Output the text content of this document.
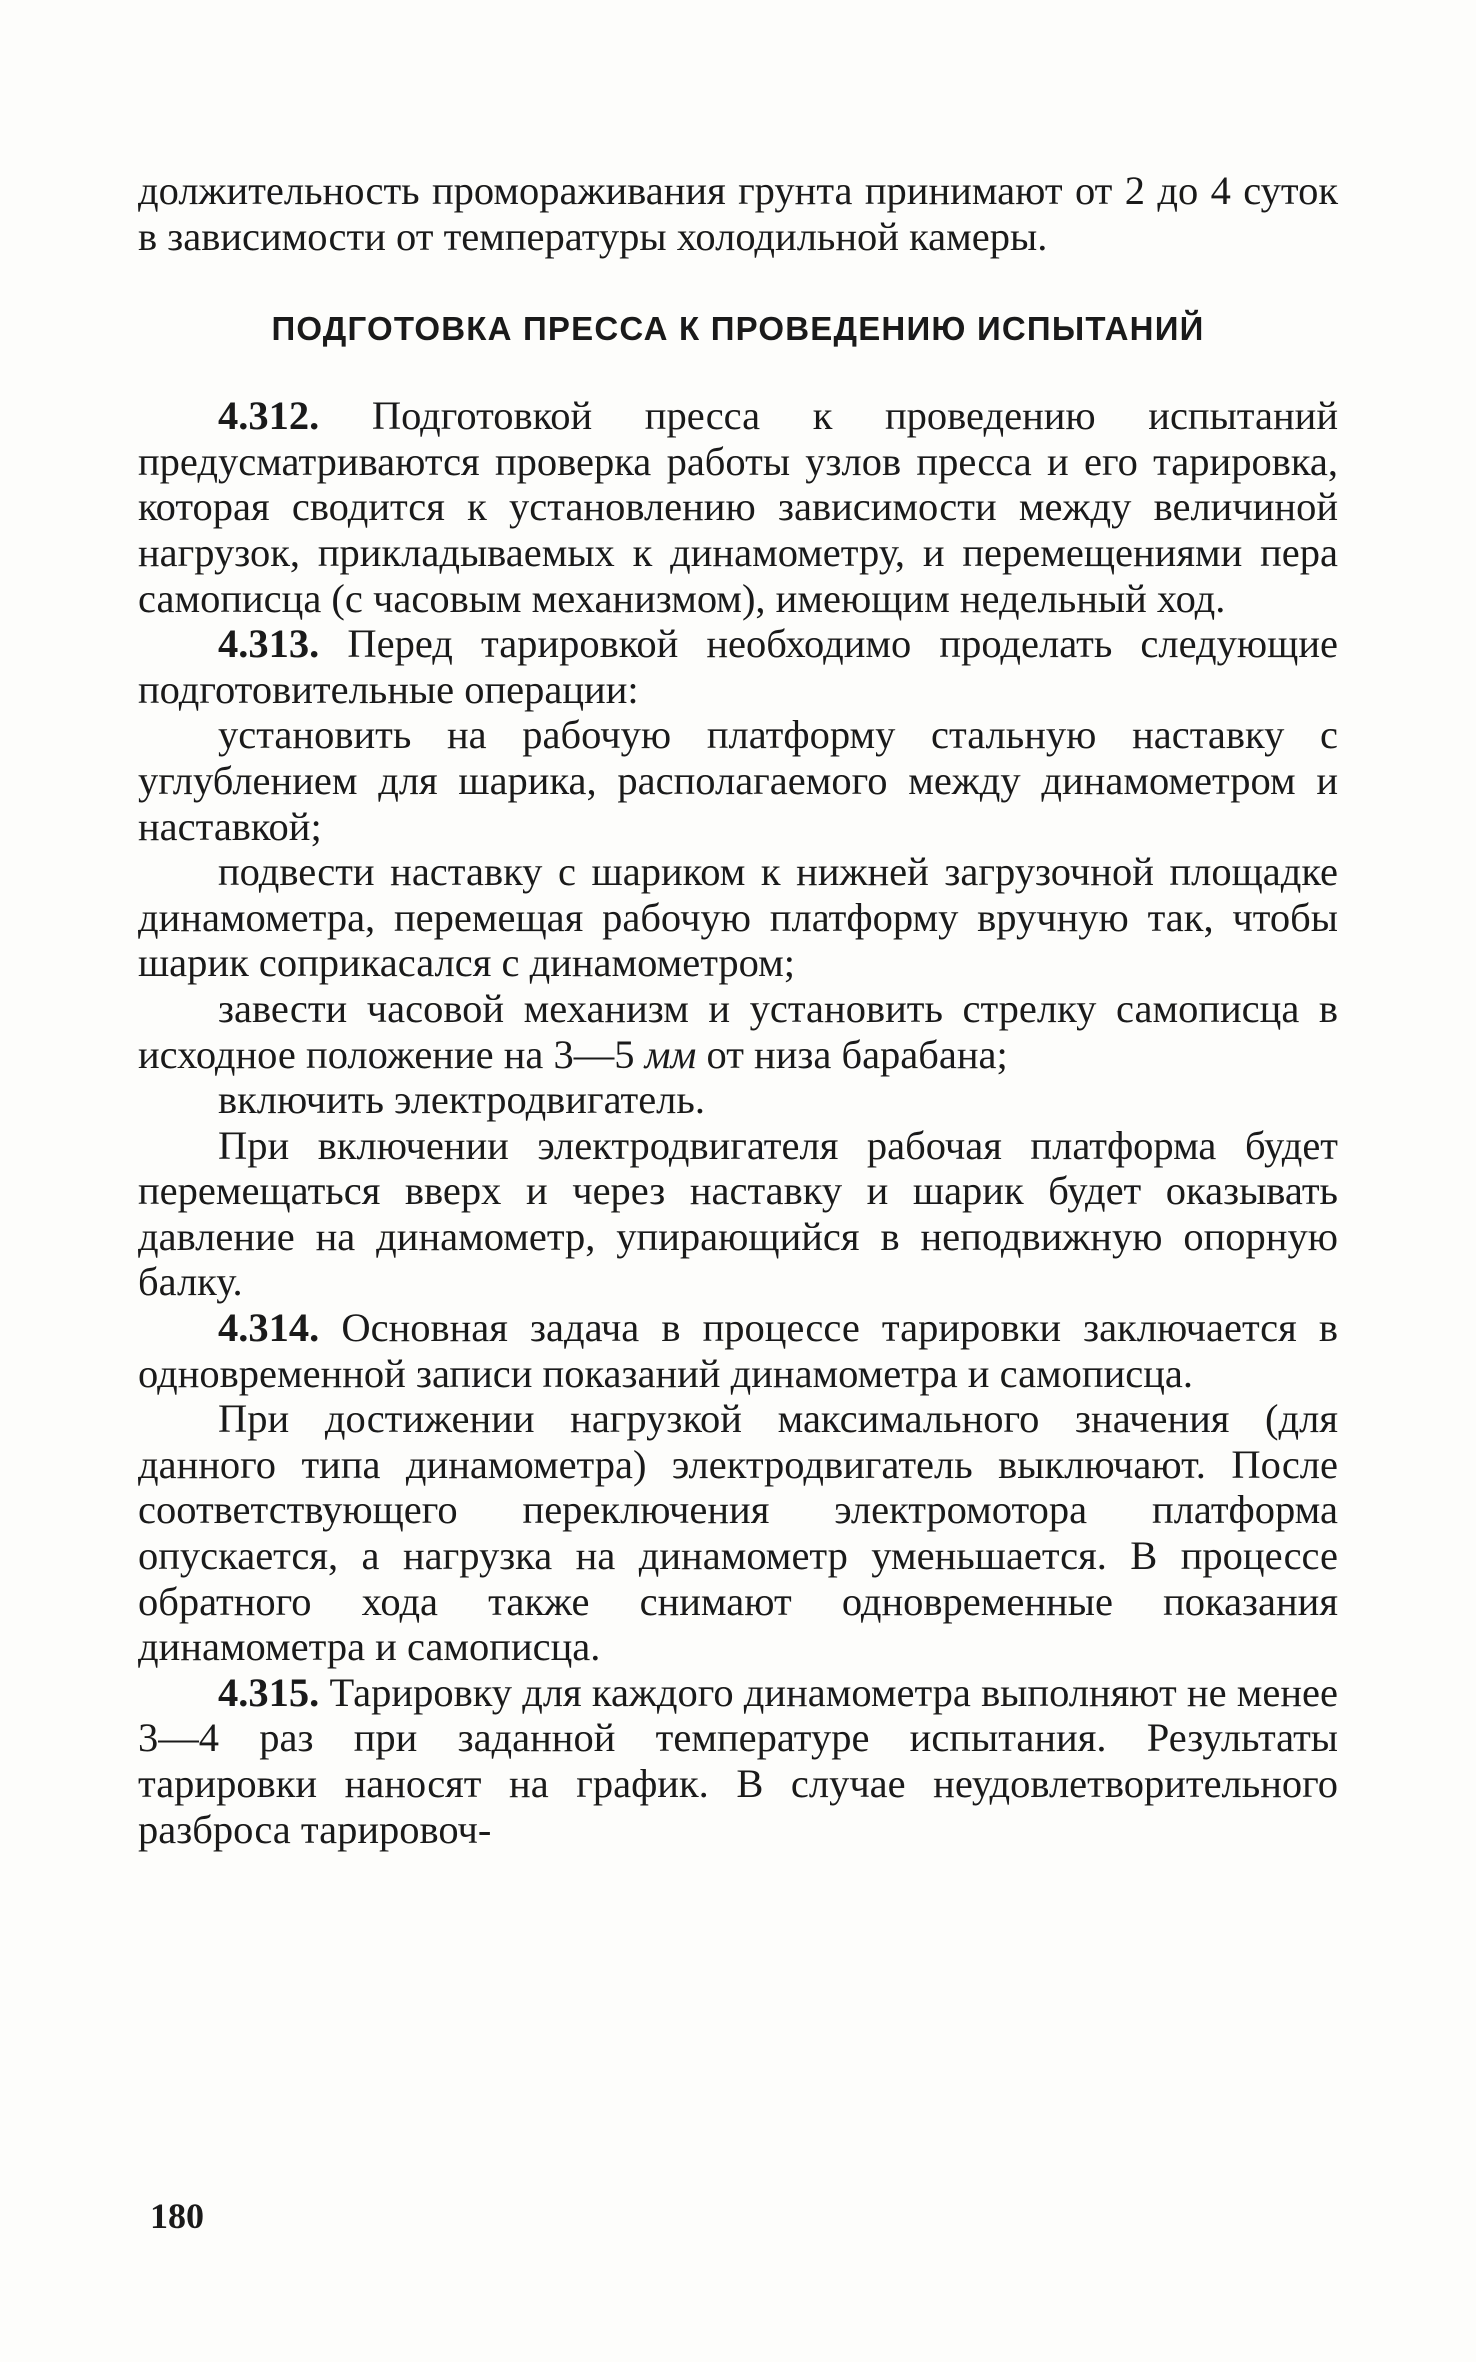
должительность промораживания грунта принимают от 2 до 4 суток в зависимости от температуры холодильной камеры.

ПОДГОТОВКА ПРЕССА К ПРОВЕДЕНИЮ ИСПЫТАНИЙ

4.312. Подготовкой пресса к проведению испытаний предусматриваются проверка работы узлов пресса и его тарировка, которая сводится к установлению зависимости между величиной нагрузок, прикладываемых к динамометру, и перемещениями пера самописца (с часовым механизмом), имеющим недельный ход.

4.313. Перед тарировкой необходимо проделать следующие подготовительные операции:

установить на рабочую платформу стальную наставку с углублением для шарика, располагаемого между динамометром и наставкой;

подвести наставку с шариком к нижней загрузочной площадке динамометра, перемещая рабочую платформу вручную так, чтобы шарик соприкасался с динамометром;

завести часовой механизм и установить стрелку самописца в исходное положение на 3—5 мм от низа барабана;

включить электродвигатель.

При включении электродвигателя рабочая платформа будет перемещаться вверх и через наставку и шарик будет оказывать давление на динамометр, упирающийся в неподвижную опорную балку.

4.314. Основная задача в процессе тарировки заключается в одновременной записи показаний динамометра и самописца.

При достижении нагрузкой максимального значения (для данного типа динамометра) электродвигатель выключают. После соответствующего переключения электромотора платформа опускается, а нагрузка на динамометр уменьшается. В процессе обратного хода также снимают одновременные показания динамометра и самописца.

4.315. Тарировку для каждого динамометра выполняют не менее 3—4 раз при заданной температуре испытания. Результаты тарировки наносят на график. В случае неудовлетворительного разброса тарировоч-

180
